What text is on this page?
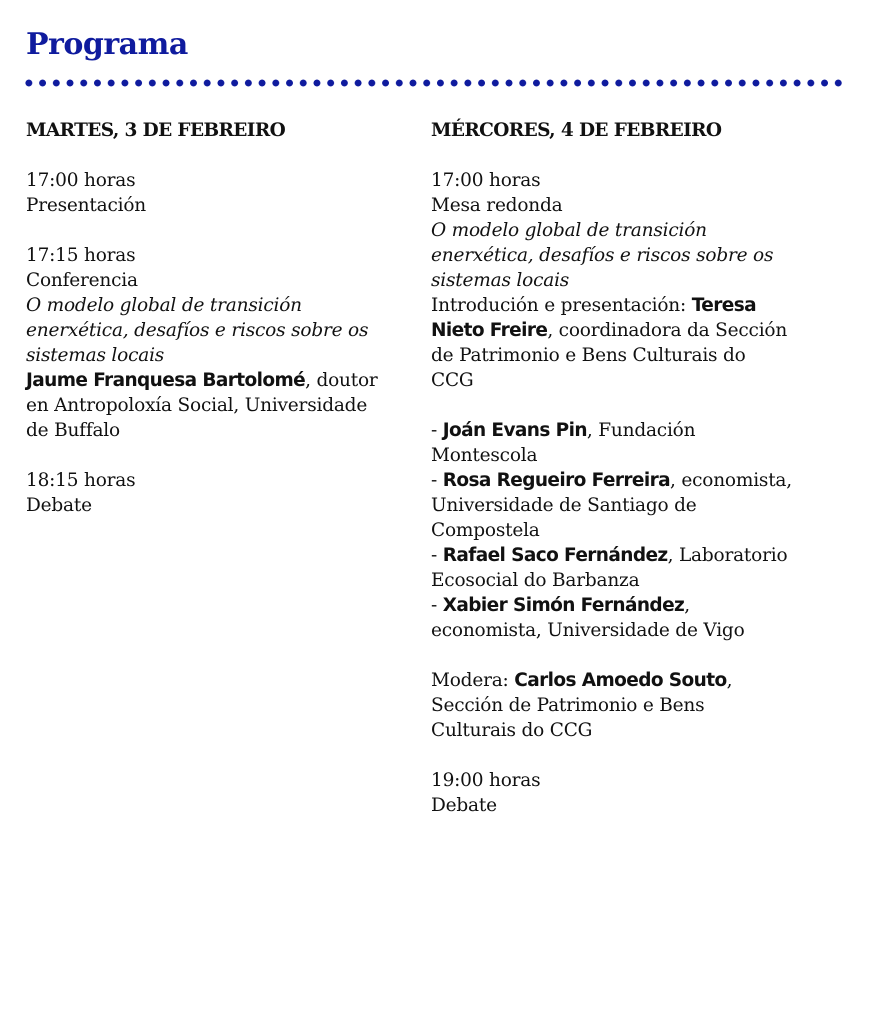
Programa
MARTES, 3 DE FEBREIRO
17:00 horas
Presentación
17:15 horas
Conferencia
O modelo global de transición
enerxética, desafíos e riscos sobre os
sistemas locais
Jaume Franquesa Bartolomé, doutor
en Antropoloxía Social, Universidade
de Buffalo
18:15 horas
Debate
MÉRCORES, 4 DE FEBREIRO
17:00 horas
Mesa redonda
O modelo global de transición
enerxética, desafíos e riscos sobre os
sistemas locais
Introdución e presentación: Teresa
Nieto Freire, coordinadora da Sección
de Patrimonio e Bens Culturais do
CCG
- Joán Evans Pin, Fundación
Montescola
- Rosa Regueiro Ferreira, economista,
Universidade de Santiago de
Compostela
- Rafael Saco Fernández, Laboratorio
Ecosocial do Barbanza
- Xabier Simón Fernández,
economista, Universidade de Vigo
Modera: Carlos Amoedo Souto,
Sección de Patrimonio e Bens
Culturais do CCG
19:00 horas
Debate
